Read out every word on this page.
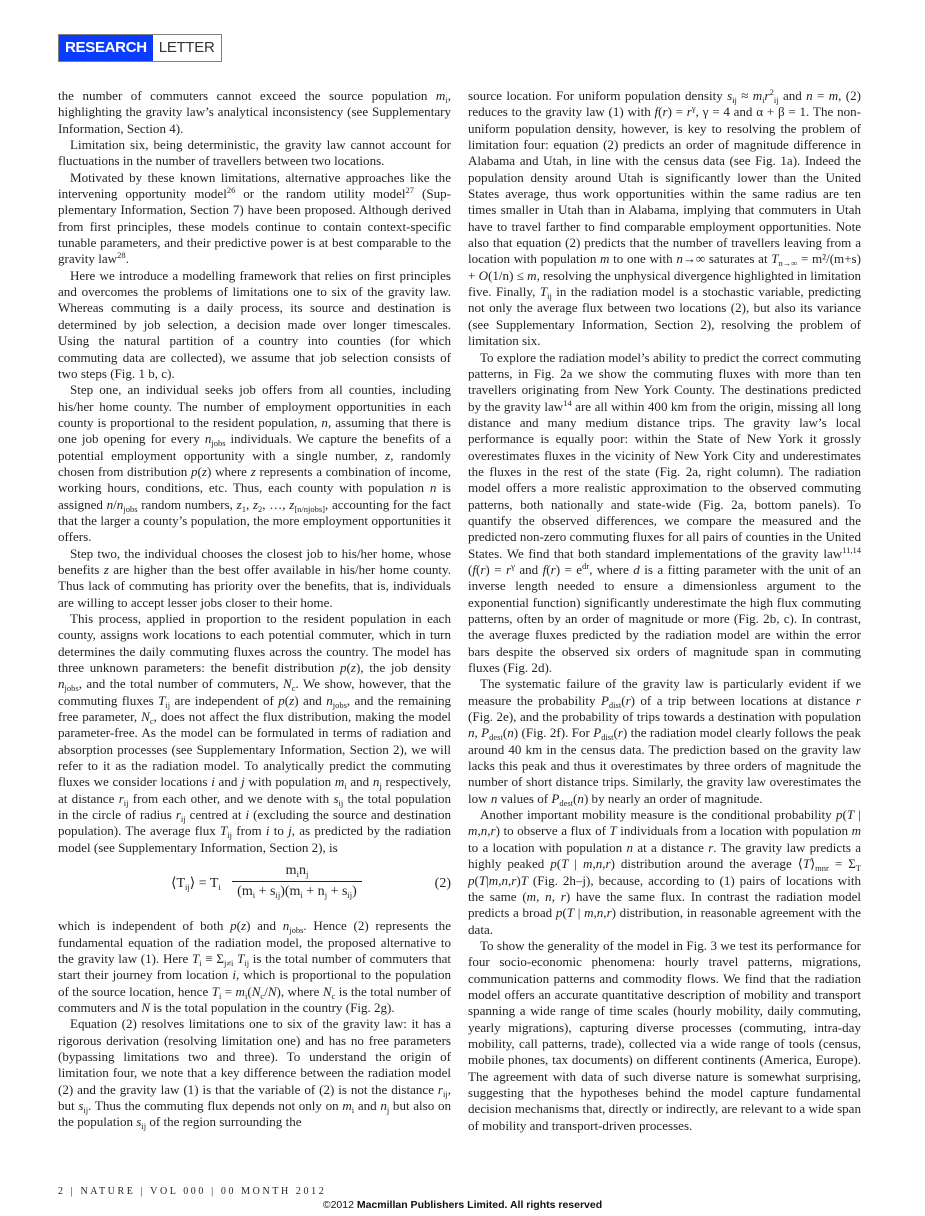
RESEARCH LETTER

the number of commuters cannot exceed the source population $m_i$, highlighting the gravity law’s analytical inconsistency (see Supplementary Information, Section 4).

Limitation six, being deterministic, the gravity law cannot account for fluctuations in the number of travellers between two locations.

Motivated by these known limitations, alternative approaches like the intervening opportunity model$^{26}$ or the random utility model$^{27}$ (Supplementary Information, Section 7) have been proposed. Although derived from first principles, these models continue to contain context-specific tunable parameters, and their predictive power is at best comparable to the gravity law$^{28}$.

Here we introduce a modelling framework that relies on first principles and overcomes the problems of limitations one to six of the gravity law. Whereas commuting is a daily process, its source and destination is determined by job selection, a decision made over longer timescales. Using the natural partition of a country into counties (for which commuting data are collected), we assume that job selection consists of two steps (Fig. 1 b, c).

Step one, an individual seeks job offers from all counties, including his/her home county. The number of employment opportunities in each county is proportional to the resident population, n, assuming that there is one job opening for every $n_{jobs}$ individuals. We capture the benefits of a potential employment opportunity with a single number, z, randomly chosen from distribution p(z) where z represents a combination of income, working hours, conditions, etc. Thus, each county with population n is assigned $n/n_{jobs}$ random numbers, $z_1$, $z_2$, …, $z_{[n/njobs]}$, accounting for the fact that the larger a county’s population, the more employment opportunities it offers.

Step two, the individual chooses the closest job to his/her home, whose benefits z are higher than the best offer available in his/her home county. Thus lack of commuting has priority over the benefits, that is, individuals are willing to accept lesser jobs closer to their home.

This process, applied in proportion to the resident population in each county, assigns work locations to each potential commuter, which in turn determines the daily commuting fluxes across the country. The model has three unknown parameters: the benefit distribution p(z), the job density $n_{jobs}$, and the total number of commuters, $N_c$. We show, however, that the commuting fluxes $T_{ij}$ are independent of p(z) and $n_{jobs}$, and the remaining free parameter, $N_c$, does not affect the flux distribution, making the model parameter-free. As the model can be formulated in terms of radiation and absorption processes (see Supplementary Information, Section 2), we will refer to it as the radiation model. To analytically predict the commuting fluxes we consider locations i and j with population $m_i$ and $n_j$ respectively, at distance $r_{ij}$ from each other, and we denote with $s_{ij}$ the total population in the circle of radius $r_{ij}$ centred at i (excluding the source and destination population). The average flux $T_{ij}$ from i to j, as predicted by the radiation model (see Supplementary Information, Section 2), is

$⟨T_{ij}⟩ = T_i$
$m_in_j$
$(m_i + s_{ij})(m_i + n_j + s_{ij})$
(2)

which is independent of both p(z) and $n_{jobs}$. Hence (2) represents the fundamental equation of the radiation model, the proposed alternative to the gravity law (1). Here $T_i \equiv \Sigma_{j\ne i}$ $T_{ij}$ is the total number of commuters that start their journey from location i, which is proportional to the population of the source location, hence $T_i = m_i(N_c/N)$, where $N_c$ is the total number of commuters and N is the total population in the country (Fig. 2g).

Equation (2) resolves limitations one to six of the gravity law: it has a rigorous derivation (resolving limitation one) and has no free parameters (bypassing limitations two and three). To understand the origin of limitation four, we note that a key difference between the radiation model (2) and the gravity law (1) is that the variable of (2) is not the distance $r_{ij}$, but $s_{ij}$. Thus the commuting flux depends not only on $m_i$ and $n_j$ but also on the population $s_{ij}$ of the region surrounding the

source location. For uniform population density $s_{ij} \approx m_ir^2_{ij}$ and n = m, (2) reduces to the gravity law (1) with $f(r) = r^\gamma$, γ = 4 and α + β = 1. The non-uniform population density, however, is key to resolving the problem of limitation four: equation (2) predicts an order of magnitude difference in Alabama and Utah, in line with the census data (see Fig. 1a). Indeed the population density around Utah is significantly lower than the United States average, thus work opportunities within the same radius are ten times smaller in Utah than in Alabama, implying that commuters in Utah have to travel farther to find comparable employment opportunities. Note also that equation (2) predicts that the number of travellers leaving from a location with population m to one with n→∞ saturates at $T_{n\to\infty} = m^2/(m+s) + O(1/n) \le m$, resolving the unphysical divergence highlighted in limitation five. Finally, $T_{ij}$ in the radiation model is a stochastic variable, predicting not only the average flux between two locations (2), but also its variance (see Supplementary Information, Section 2), resolving the problem of limitation six.

To explore the radiation model’s ability to predict the correct commuting patterns, in Fig. 2a we show the commuting fluxes with more than ten travellers originating from New York County. The destinations predicted by the gravity law$^{14}$ are all within 400 km from the origin, missing all long distance and many medium distance trips. The gravity law’s local performance is equally poor: within the State of New York it grossly overestimates fluxes in the vicinity of New York City and underestimates the fluxes in the rest of the state (Fig. 2a, right column). The radiation model offers a more realistic approximation to the observed commuting patterns, both nationally and state-wide (Fig. 2a, bottom panels). To quantify the observed differences, we compare the measured and the predicted non-zero commuting fluxes for all pairs of counties in the United States. We find that both standard implementations of the gravity law$^{11,14}$ ($f(r) = r^\gamma$ and $f(r) = e^{dr}$, where d is a fitting parameter with the unit of an inverse length needed to ensure a dimensionless argument to the exponential function) significantly underestimate the high flux commuting patterns, often by an order of magnitude or more (Fig. 2b, c). In contrast, the average fluxes predicted by the radiation model are within the error bars despite the observed six orders of magnitude span in commuting fluxes (Fig. 2d).

The systematic failure of the gravity law is particularly evident if we measure the probability $P_{dist}(r)$ of a trip between locations at distance r (Fig. 2e), and the probability of trips towards a destination with population n, $P_{dest}(n)$ (Fig. 2f). For $P_{dist}(r)$ the radiation model clearly follows the peak around 40 km in the census data. The prediction based on the gravity law lacks this peak and thus it overestimates by three orders of magnitude the number of short distance trips. Similarly, the gravity law overestimates the low n values of $P_{dest}(n)$ by nearly an order of magnitude.

Another important mobility measure is the conditional probability p(T | m,n,r) to observe a flux of T individuals from a location with population m to a location with population n at a distance r. The gravity law predicts a highly peaked p(T | m,n,r) distribution around the average $⟨T⟩_{mnr} = \Sigma_T$ p(T|m,n,r)T (Fig. 2h–j), because, according to (1) pairs of locations with the same (m, n, r) have the same flux. In contrast the radiation model predicts a broad p(T | m,n,r) distribution, in reasonable agreement with the data.

To show the generality of the model in Fig. 3 we test its performance for four socio-economic phenomena: hourly travel patterns, migrations, communication patterns and commodity flows. We find that the radiation model offers an accurate quantitative description of mobility and transport spanning a wide range of time scales (hourly mobility, daily commuting, yearly migrations), capturing diverse processes (commuting, intra-day mobility, call patterns, trade), collected via a wide range of tools (census, mobile phones, tax documents) on different continents (America, Europe). The agreement with data of such diverse nature is somewhat surprising, suggesting that the hypotheses behind the model capture fundamental decision mechanisms that, directly or indirectly, are relevant to a wide span of mobility and transport-driven processes.

2 | NATURE | VOL 000 | 00 MONTH 2012
©2012 Macmillan Publishers Limited. All rights reserved
